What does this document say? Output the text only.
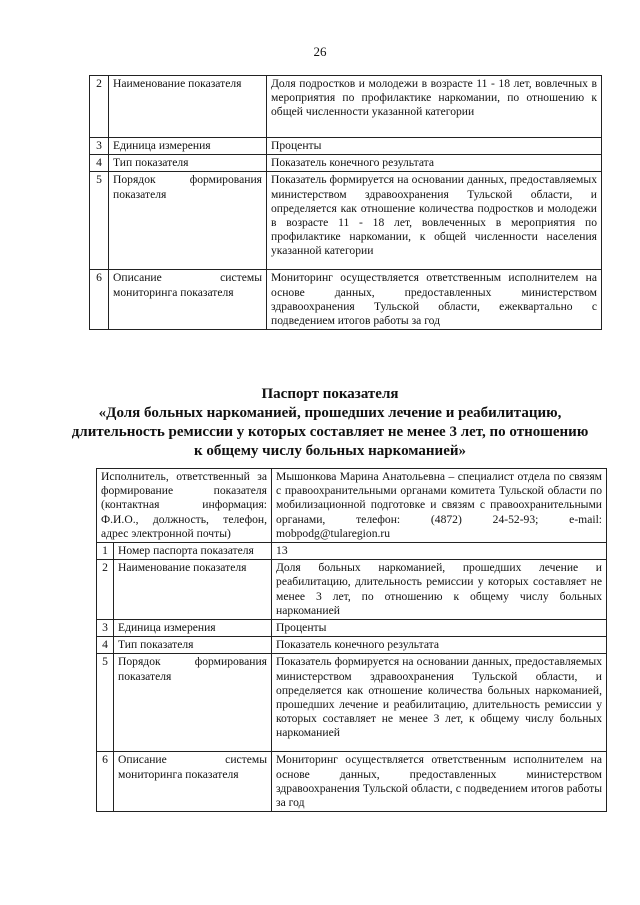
26
2	Наименование показателя	Доля подростков и молодежи в возрасте 11 - 18 лет, вовлечных в мероприятия по профилактике наркомании, по отношению к общей численности указанной категории
3	Единица измерения	Проценты
4	Тип показателя	Показатель конечного результата
5	Порядок формирования показателя	Показатель формируется на основании данных, предоставляемых министерством здравоохранения Тульской области, и определяется как отношение количества подростков и молодежи в возрасте 11 - 18 лет, вовлеченных в мероприятия по профилактике наркомании, к общей численности населения указанной категории
6	Описание системы мониторинга показателя	Мониторинг осуществляется ответственным исполнителем на основе данных, предоставленных министерством здравоохранения Тульской области, ежеквартально с подведением итогов работы за год
Паспорт показателя
«Доля больных наркоманией, прошедших лечение и реабилитацию, длительность ремиссии у которых составляет не менее 3 лет, по отношению к общему числу больных наркоманией»
Исполнитель, ответственный за формирование показателя (контактная информация: Ф.И.О., должность, телефон, адрес электронной почты)		Мышонкова Марина Анатольевна – специалист отдела по связям с правоохранительными органами комитета Тульской области по мобилизационной подготовке и связям с правоохранительными органами, телефон: (4872) 24-52-93; e-mail: mobpodg@tularegion.ru
1	Номер паспорта показателя	13
2	Наименование показателя	Доля больных наркоманией, прошедших лечение и реабилитацию, длительность ремиссии у которых составляет не менее 3 лет, по отношению к общему числу больных наркоманией
3	Единица измерения	Проценты
4	Тип показателя	Показатель конечного результата
5	Порядок формирования показателя	Показатель формируется на основании данных, предоставляемых министерством здравоохранения Тульской области, и определяется как отношение количества больных наркоманией, прошедших лечение и реабилитацию, длительность ремиссии у которых составляет не менее 3 лет, к общему числу больных наркоманией
6	Описание системы мониторинга показателя	Мониторинг осуществляется ответственным исполнителем на основе данных, предоставленных министерством здравоохранения Тульской области, с подведением итогов работы за год
